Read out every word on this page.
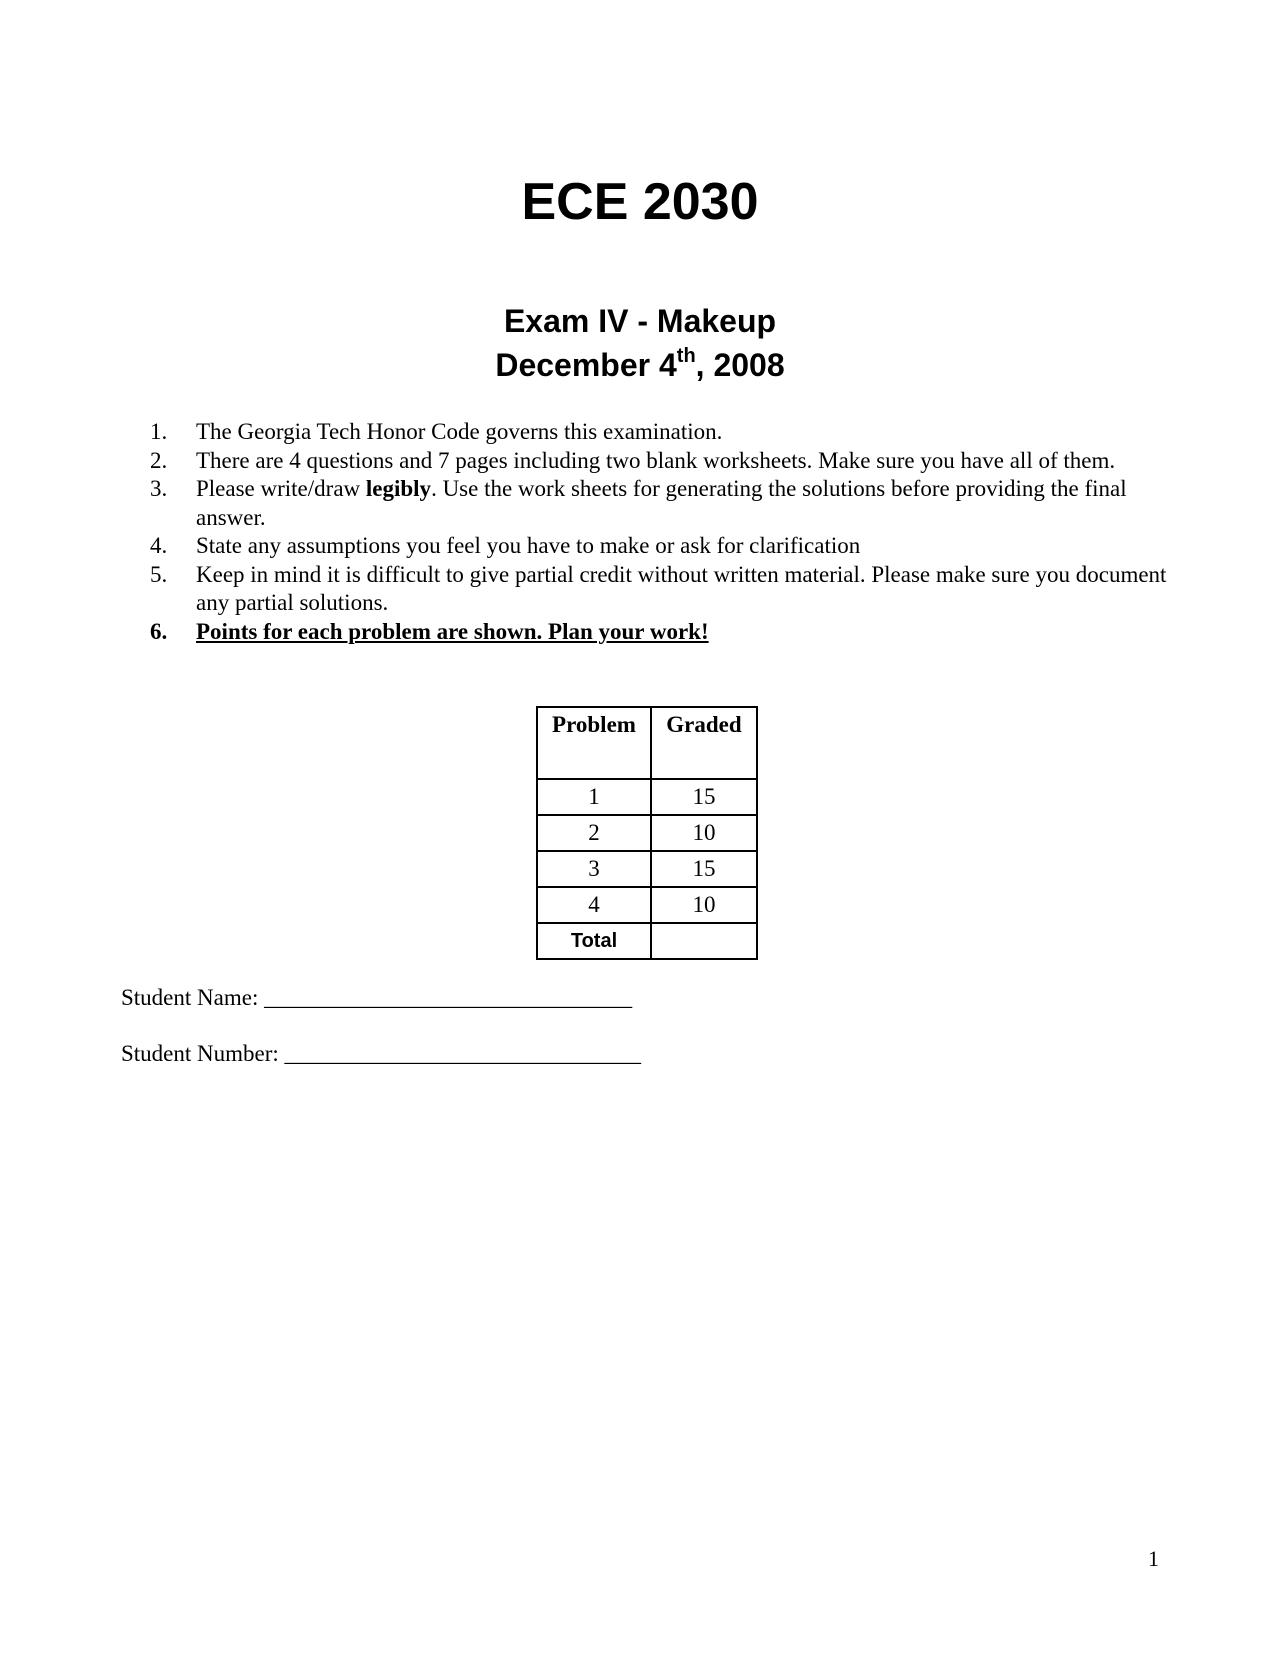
ECE 2030
Exam IV - Makeup
December 4th, 2008
1.	The Georgia Tech Honor Code governs this examination.
2.	There are 4 questions and 7 pages including two blank worksheets. Make sure you have all of them.
3.	Please write/draw legibly. Use the work sheets for generating the solutions before providing the final answer.
4.	State any assumptions you feel you have to make or ask for clarification
5.	Keep in mind it is difficult to give partial credit without written material. Please make sure you document any partial solutions.
6.	Points for each problem are shown. Plan your work!
Problem	Graded
1	15
2	10
3	15
4	10
Total	
Student Name: ________________________________
Student Number: _______________________________
1
